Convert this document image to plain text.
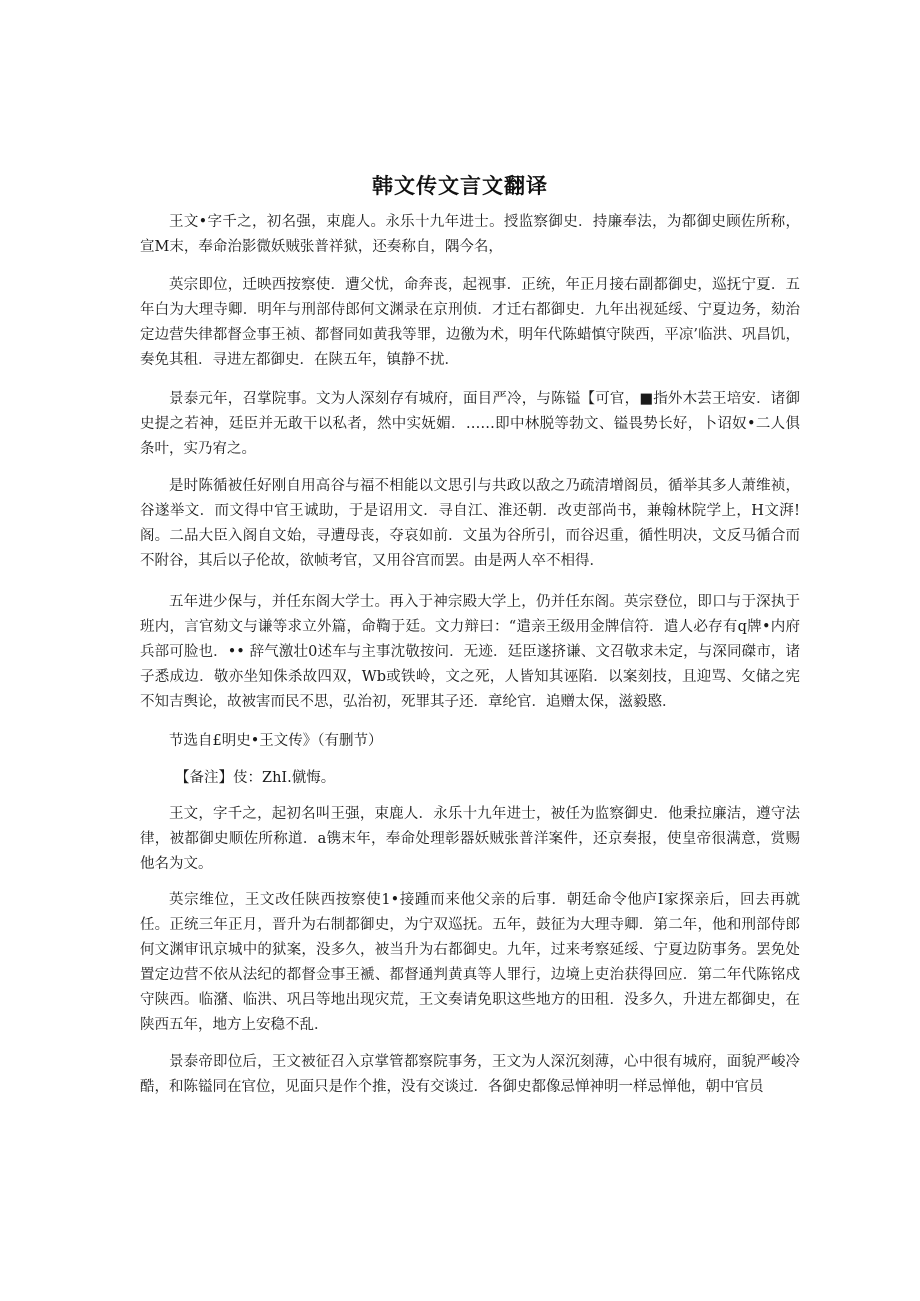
韩文传文言文翻译

王文•字千之，初名强，束鹿人。永乐十九年进士。授监察御史．持廉奉法，为都御史顾佐所称，宣M末，奉命治影微妖贼张普祥狱，还奏称自，隅今名，

英宗即位，迁映西按察使．遭父忧，命奔丧，起视事．正统，年正月接右副都御史，巡抚宁夏．五年白为大理寺卿．明年与刑部侍郎何文渊录在京刑侦．才迁右都御史．九年出视延绥、宁夏边务，劾治定边营失律都督佥事王祯、都督同如黄我等罪，边徼为术，明年代陈蜡慎守陕西，平凉’临洪、巩昌饥，奏免其租．寻进左都御史．在陕五年，镇静不扰．

景泰元年，召掌院事。文为人深刻存有城府，面目严冷，与陈镒【可官，■指外木芸王培安．诸御史提之若神，廷臣并无敢干以私者，然中实妩媚．……即中林脱等勃文、镒畏势长好，卜诏奴•二人俱条叶，实乃宥之。

是时陈循被任好刚自用高谷与福不相能以文思引与共政以敌之乃疏清增阁员，循举其多人萧维祯，谷遂举文．而文得中官王诚助，于是诏用文．寻自江、淮还朝．改吏部尚书，兼翰林院学上，H文湃!阁。二品大臣入阁自文始，寻遭母丧，夺哀如前．文虽为谷所引，而谷迟重，循性明决，文反马循合而不附谷，其后以子伦故，欲帧考官，又用谷宫而罢。由是两人卒不相得．

五年进少保与，并任东阁大学士。再入于神宗殿大学上，仍并任东阁。英宗登位，即口与于深执于班内，言官劾文与谦等求立外篇，命鞫于廷。文力辩曰：“遣亲王级用金牌信符．遣人必存有q牌•内府兵部可脸也．•• 辞气激壮0述车与主事沈敬按问．无迹．廷臣遂挤谦、文召敬求未定，与深同磔市，诸子悉成边．敬亦坐知侏杀故四双，Wb或铁岭，文之死，人皆知其诬陷．以案刻技，且迎骂、攵储之宪不知吉舆论，故被害而民不思，弘治初，死罪其子还．章纶官．追赠太保，滋毅愍．

节选自£明史•王文传》（有删节）

【备注】伎：ZhI.僦悔。

王文，字千之，起初名叫王强，束鹿人．永乐十九年进士，被任为监察御史．他秉拉廉洁，遵守法律，被都御史顺佐所称道．a镌末年，奉命处理彰器妖贼张普洋案件，还京奏报，使皇帝很满意，赏赐他名为文。

英宗维位，王文改任陕西按察使1•接踵而来他父亲的后事．朝廷命令他庐I家探亲后，回去再就任。正统三年正月，晋升为右制都御史，为宁双巡抚。五年，鼓征为大理寺卿．第二年，他和刑部侍郎何文渊审讯京城中的狱案，没多久，被当升为右都御史。九年，过来考察延绥、宁夏边防事务。罢免处置定边营不依从法纪的都督佥事王褫、都督通判黄真等人罪行，边境上吏治获得回应．第二年代陈铭戍守陕西。临潴、临洪、巩吕等地出现灾荒，王文奏请免职这些地方的田租．没多久，升进左都御史，在陕西五年，地方上安稳不乱．

景泰帝即位后，王文被征召入京掌管都察院事务，王文为人深沉刻薄，心中很有城府，面貌严峻冷酷，和陈镒同在官位，见面只是作个推，没有交谈过．各御史都像忌惮神明一样忌惮他，朝中官员
